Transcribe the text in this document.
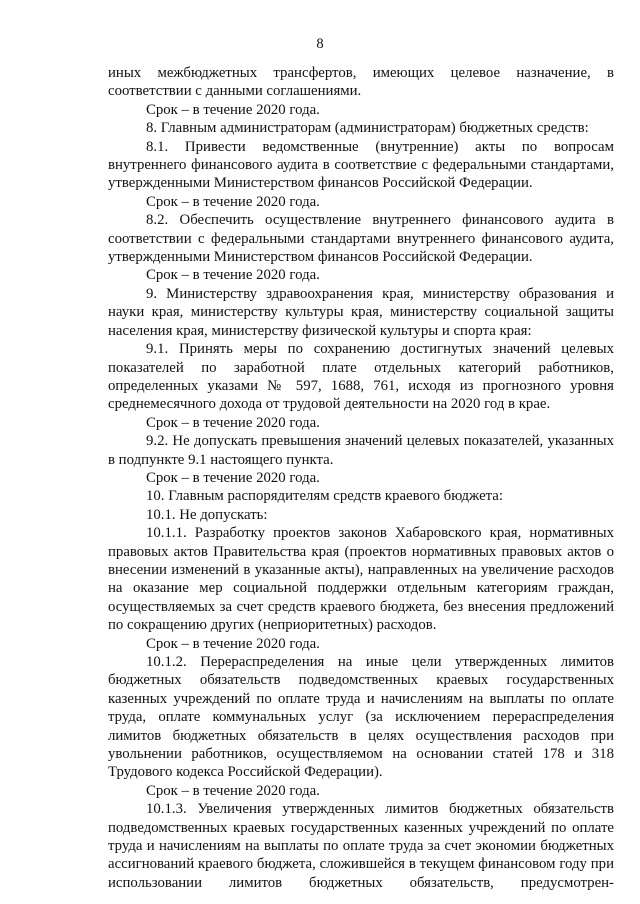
8

иных межбюджетных трансфертов, имеющих целевое назначение, в соответствии с данными соглашениями.

Срок – в течение 2020 года.

8. Главным администраторам (администраторам) бюджетных средств:

8.1. Привести ведомственные (внутренние) акты по вопросам внутреннего финансового аудита в соответствие с федеральными стандартами, утвержденными Министерством финансов Российской Федерации.

Срок – в течение 2020 года.

8.2. Обеспечить осуществление внутреннего финансового аудита в соответствии с федеральными стандартами внутреннего финансового аудита, утвержденными Министерством финансов Российской Федерации.

Срок – в течение 2020 года.

9. Министерству здравоохранения края, министерству образования и науки края, министерству культуры края, министерству социальной защиты населения края, министерству физической культуры и спорта края:

9.1. Принять меры по сохранению достигнутых значений целевых показателей по заработной плате отдельных категорий работников, определенных указами № 597, 1688, 761, исходя из прогнозного уровня среднемесячного дохода от трудовой деятельности на 2020 год в крае.

Срок – в течение 2020 года.

9.2. Не допускать превышения значений целевых показателей, указанных в подпункте 9.1 настоящего пункта.

Срок – в течение 2020 года.

10. Главным распорядителям средств краевого бюджета:

10.1. Не допускать:

10.1.1. Разработку проектов законов Хабаровского края, нормативных правовых актов Правительства края (проектов нормативных правовых актов о внесении изменений в указанные акты), направленных на увеличение расходов на оказание мер социальной поддержки отдельным категориям граждан, осуществляемых за счет средств краевого бюджета, без внесения предложений по сокращению других (неприоритетных) расходов.

Срок – в течение 2020 года.

10.1.2. Перераспределения на иные цели утвержденных лимитов бюджетных обязательств подведомственных краевых государственных казенных учреждений по оплате труда и начислениям на выплаты по оплате труда, оплате коммунальных услуг (за исключением перераспределения лимитов бюджетных обязательств в целях осуществления расходов при увольнении работников, осуществляемом на основании статей 178 и 318 Трудового кодекса Российской Федерации).

Срок – в течение 2020 года.

10.1.3. Увеличения утвержденных лимитов бюджетных обязательств подведомственных краевых государственных казенных учреждений по оплате труда и начислениям на выплаты по оплате труда за счет экономии бюджетных ассигнований краевого бюджета, сложившейся в текущем финансовом году при использовании лимитов бюджетных обязательств, предусмотрен-
